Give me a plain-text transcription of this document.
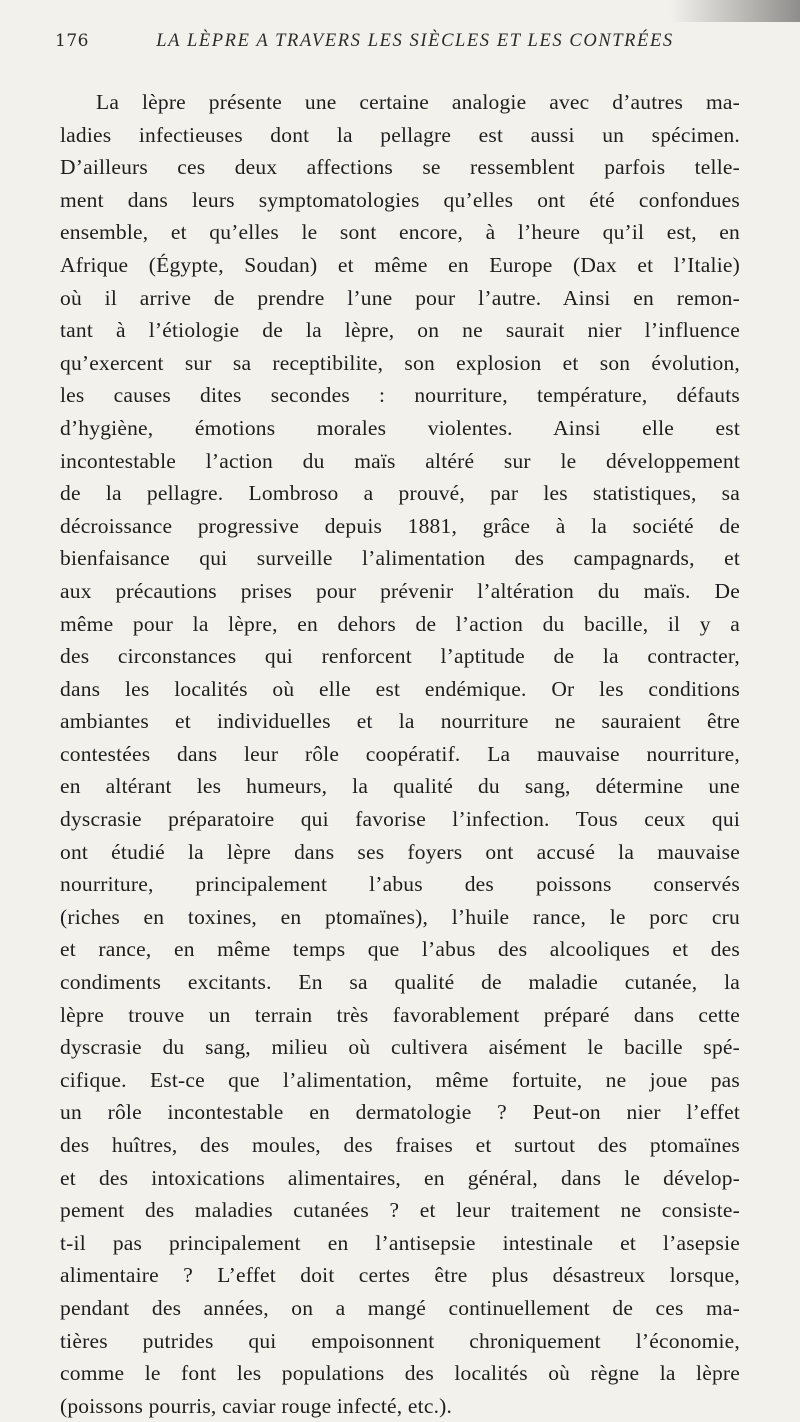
176	LA LÈPRE A TRAVERS LES SIÈCLES ET LES CONTRÉES
La lèpre présente une certaine analogie avec d’autres ma-
ladies infectieuses dont la pellagre est aussi un spécimen.
D’ailleurs ces deux affections se ressemblent parfois telle-
ment dans leurs symptomatologies qu’elles ont été confondues
ensemble, et qu’elles le sont encore, à l’heure qu’il est, en
Afrique (Égypte, Soudan) et même en Europe (Dax et l’Italie)
où il arrive de prendre l’une pour l’autre. Ainsi en remon-
tant à l’étiologie de la lèpre, on ne saurait nier l’influence
qu’exercent sur sa receptibilite, son explosion et son évolution,
les causes dites secondes : nourriture, température, défauts
d’hygiène, émotions morales violentes. Ainsi elle est
incontestable l’action du maïs altéré sur le développement
de la pellagre. Lombroso a prouvé, par les statistiques, sa
décroissance progressive depuis 1881, grâce à la société de
bienfaisance qui surveille l’alimentation des campagnards, et
aux précautions prises pour prévenir l’altération du maïs. De
même pour la lèpre, en dehors de l’action du bacille, il y a
des circonstances qui renforcent l’aptitude de la contracter,
dans les localités où elle est endémique. Or les conditions
ambiantes et individuelles et la nourriture ne sauraient être
contestées dans leur rôle coopératif. La mauvaise nourriture,
en altérant les humeurs, la qualité du sang, détermine une
dyscrasie préparatoire qui favorise l’infection. Tous ceux qui
ont étudié la lèpre dans ses foyers ont accusé la mauvaise
nourriture, principalement l’abus des poissons conservés
(riches en toxines, en ptomaïnes), l’huile rance, le porc cru
et rance, en même temps que l’abus des alcooliques et des
condiments excitants. En sa qualité de maladie cutanée, la
lèpre trouve un terrain très favorablement préparé dans cette
dyscrasie du sang, milieu où cultivera aisément le bacille spé-
cifique. Est-ce que l’alimentation, même fortuite, ne joue pas
un rôle incontestable en dermatologie ? Peut-on nier l’effet
des huîtres, des moules, des fraises et surtout des ptomaïnes
et des intoxications alimentaires, en général, dans le dévelop-
pement des maladies cutanées ? et leur traitement ne consiste-
t-il pas principalement en l’antisepsie intestinale et l’asepsie
alimentaire ? L’effet doit certes être plus désastreux lorsque,
pendant des années, on a mangé continuellement de ces ma-
tières putrides qui empoisonnent chroniquement l’économie,
comme le font les populations des localités où règne la lèpre
(poissons pourris, caviar rouge infecté, etc.).
